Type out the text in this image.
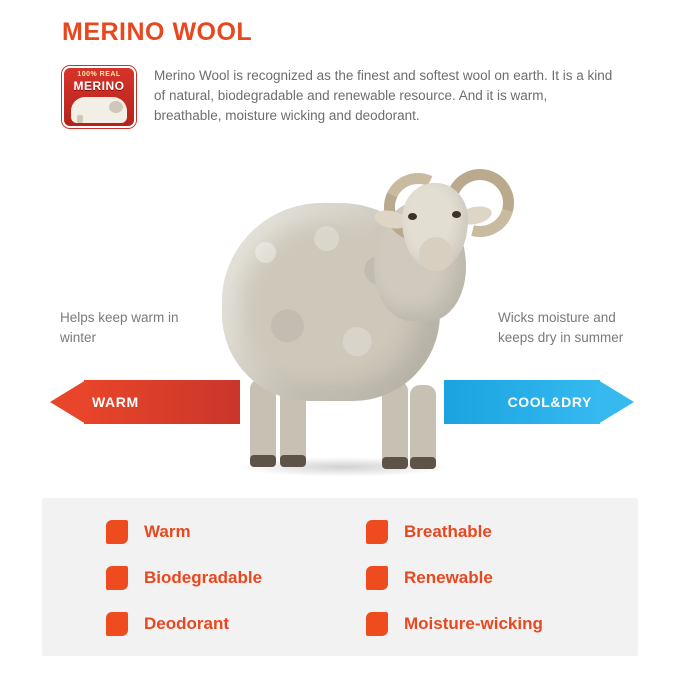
MERINO WOOL
100% REAL
MERINO
Merino Wool is recognized as the finest and softest wool on earth. It is a kind of natural, biodegradable and renewable resource. And it is warm, breathable, moisture wicking and deodorant.
WARM	COOL&DRY
Helps keep warm in winter
Wicks moisture and keeps dry in summer
Warm	Breathable
Biodegradable	Renewable
Deodorant	Moisture-wicking
